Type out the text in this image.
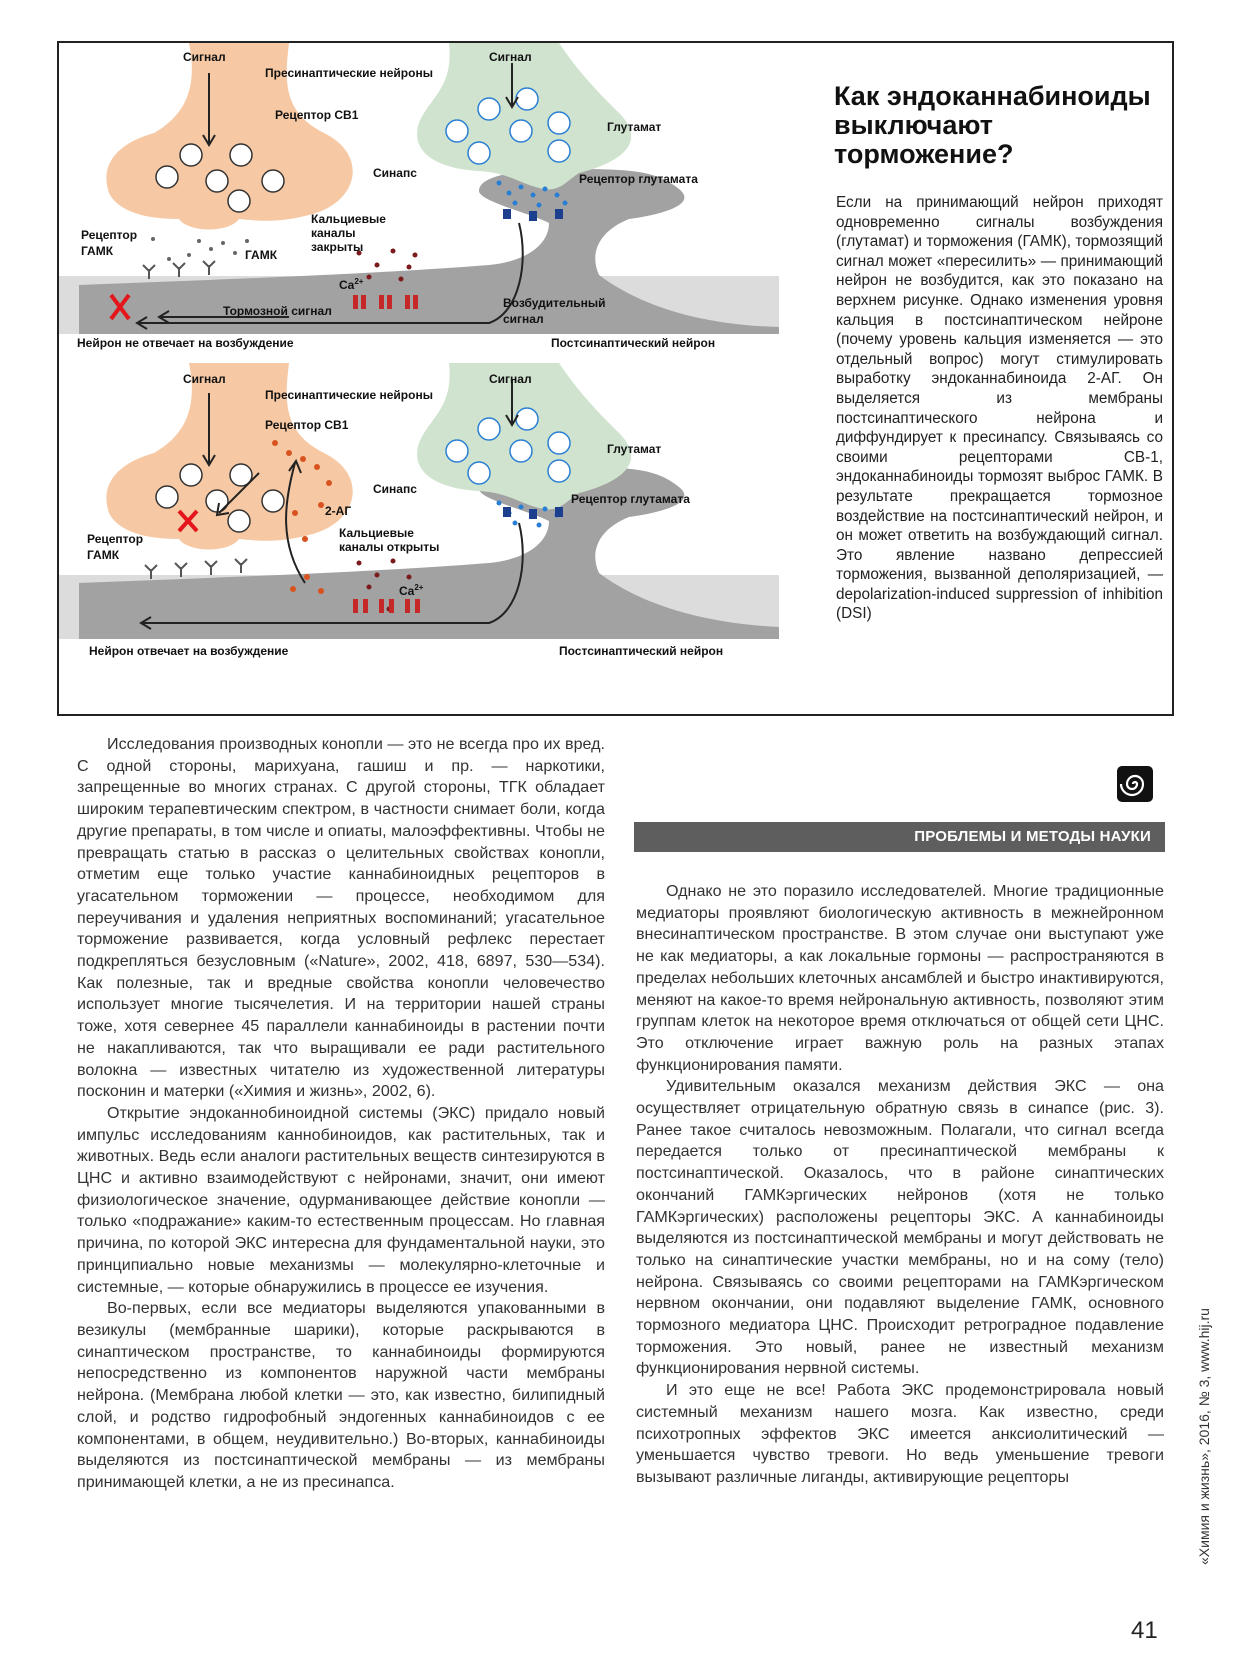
Сигнал	Сигнал
Пресинаптические нейроны
Рецептор СВ1
Глутамат
Синапс	Рецептор глутамата
Кальциевые
каналы
закрыты
Рецептор
ГАМК	ГАМК
$Ca^{2+}$
Тормозной сигнал
Возбудительный
сигнал
Нейрон не отвечает на возбуждение	Постсинаптический нейрон
Сигнал	Сигнал
Пресинаптические нейроны
Рецептор СВ1
Глутамат
Синапс
Рецептор глутамата
2-АГ
Кальциевые
каналы открыты
Рецептор
ГАМК
$Ca^{2+}$
Нейрон отвечает на возбуждение	Постсинаптический нейрон
Как эндоканнабиноиды
выключают
торможение?

Если на принимающий нейрон приходят одновременно сигналы возбуждения (глутамат) и торможения (ГАМК), тормозящий сигнал может «пересилить» — принимающий нейрон не возбудится, как это показано на верхнем рисунке. Однако изменения уровня кальция в постсинаптическом нейроне (почему уровень кальция изменяется — это отдельный вопрос) могут стимулировать выработку эндоканнабиноида 2-АГ. Он выделяется из мембраны постсинаптического нейрона и диффундирует к пресинапсу. Связываясь со своими рецепторами СВ-1, эндоканнабиноиды тормозят выброс ГАМК. В результате прекращается тормозное воздействие на постсинаптический нейрон, и он может ответить на возбуждающий сигнал. Это явление названо депрессией торможения, вызванной деполяризацией, — depolarization-induced suppression of inhibition (DSI)

Исследования производных конопли — это не всегда про их вред. С одной стороны, марихуана, гашиш и пр. — наркотики, запрещенные во многих странах. С другой стороны, ТГК обладает широким терапевтическим спектром, в частности снимает боли, когда другие препараты, в том числе и опиаты, малоэффективны. Чтобы не превращать статью в рассказ о целительных свойствах конопли, отметим еще только участие каннабиноидных рецепторов в угасательном торможении — процессе, необходимом для переучивания и удаления неприятных воспоминаний; угасательное торможение развивается, когда условный рефлекс перестает подкрепляться безусловным («Nature», 2002, 418, 6897, 530—534). Как полезные, так и вредные свойства конопли человечество использует многие тысячелетия. И на территории нашей страны тоже, хотя севернее 45 параллели каннабиноиды в растении почти не накапливаются, так что выращивали ее ради растительного волокна — известных читателю из художественной литературы посконин и матерки («Химия и жизнь», 2002, 6).

Открытие эндоканнобиноидной системы (ЭКС) придало новый импульс исследованиям каннобиноидов, как растительных, так и животных. Ведь если аналоги растительных веществ синтезируются в ЦНС и активно взаимодействуют с нейронами, значит, они имеют физиологическое значение, одурманивающее действие конопли — только «подражание» каким-то естественным процессам. Но главная причина, по которой ЭКС интересна для фундаментальной науки, это принципиально новые механизмы — молекулярно-клеточные и системные, — которые обнаружились в процессе ее изучения.

Во-первых, если все медиаторы выделяются упакованными в везикулы (мембранные шарики), которые раскрываются в синаптическом пространстве, то каннабиноиды формируются непосредственно из компонентов наружной части мембраны нейрона. (Мембрана любой клетки — это, как известно, билипидный слой, и родство гидрофобный эндогенных каннабиноидов с ее компонентами, в общем, неудивительно.) Во-вторых, каннабиноиды выделяются из постсинаптической мембраны — из мембраны принимающей клетки, а не из пресинапса.

ПРОБЛЕМЫ И МЕТОДЫ НАУКИ

Однако не это поразило исследователей. Многие традиционные медиаторы проявляют биологическую активность в межнейронном внесинаптическом пространстве. В этом случае они выступают уже не как медиаторы, а как локальные гормоны — распространяются в пределах небольших клеточных ансамблей и быстро инактивируются, меняют на какое-то время нейрональную активность, позволяют этим группам клеток на некоторое время отключаться от общей сети ЦНС. Это отключение играет важную роль на разных этапах функционирования памяти.

Удивительным оказался механизм действия ЭКС — она осуществляет отрицательную обратную связь в синапсе (рис. 3). Ранее такое считалось невозможным. Полагали, что сигнал всегда передается только от пресинаптической мембраны к постсинаптической. Оказалось, что в районе синаптических окончаний ГАМКэргических нейронов (хотя не только ГАМКэргических) расположены рецепторы ЭКС. А каннабиноиды выделяются из постсинаптической мембраны и могут действовать не только на синаптические участки мембраны, но и на сому (тело) нейрона. Связываясь со своими рецепторами на ГАМКэргическом нервном окончании, они подавляют выделение ГАМК, основного тормозного медиатора ЦНС. Происходит ретроградное подавление торможения. Это новый, ранее не известный механизм функционирования нервной системы.

И это еще не все! Работа ЭКС продемонстрировала новый системный механизм нашего мозга. Как известно, среди психотропных эффектов ЭКС имеется анксиолитический — уменьшается чувство тревоги. Но ведь уменьшение тревоги вызывают различные лиганды, активирующие рецепторы	«Химия и жизнь», 2016, № 3, www.hij.ru
41
